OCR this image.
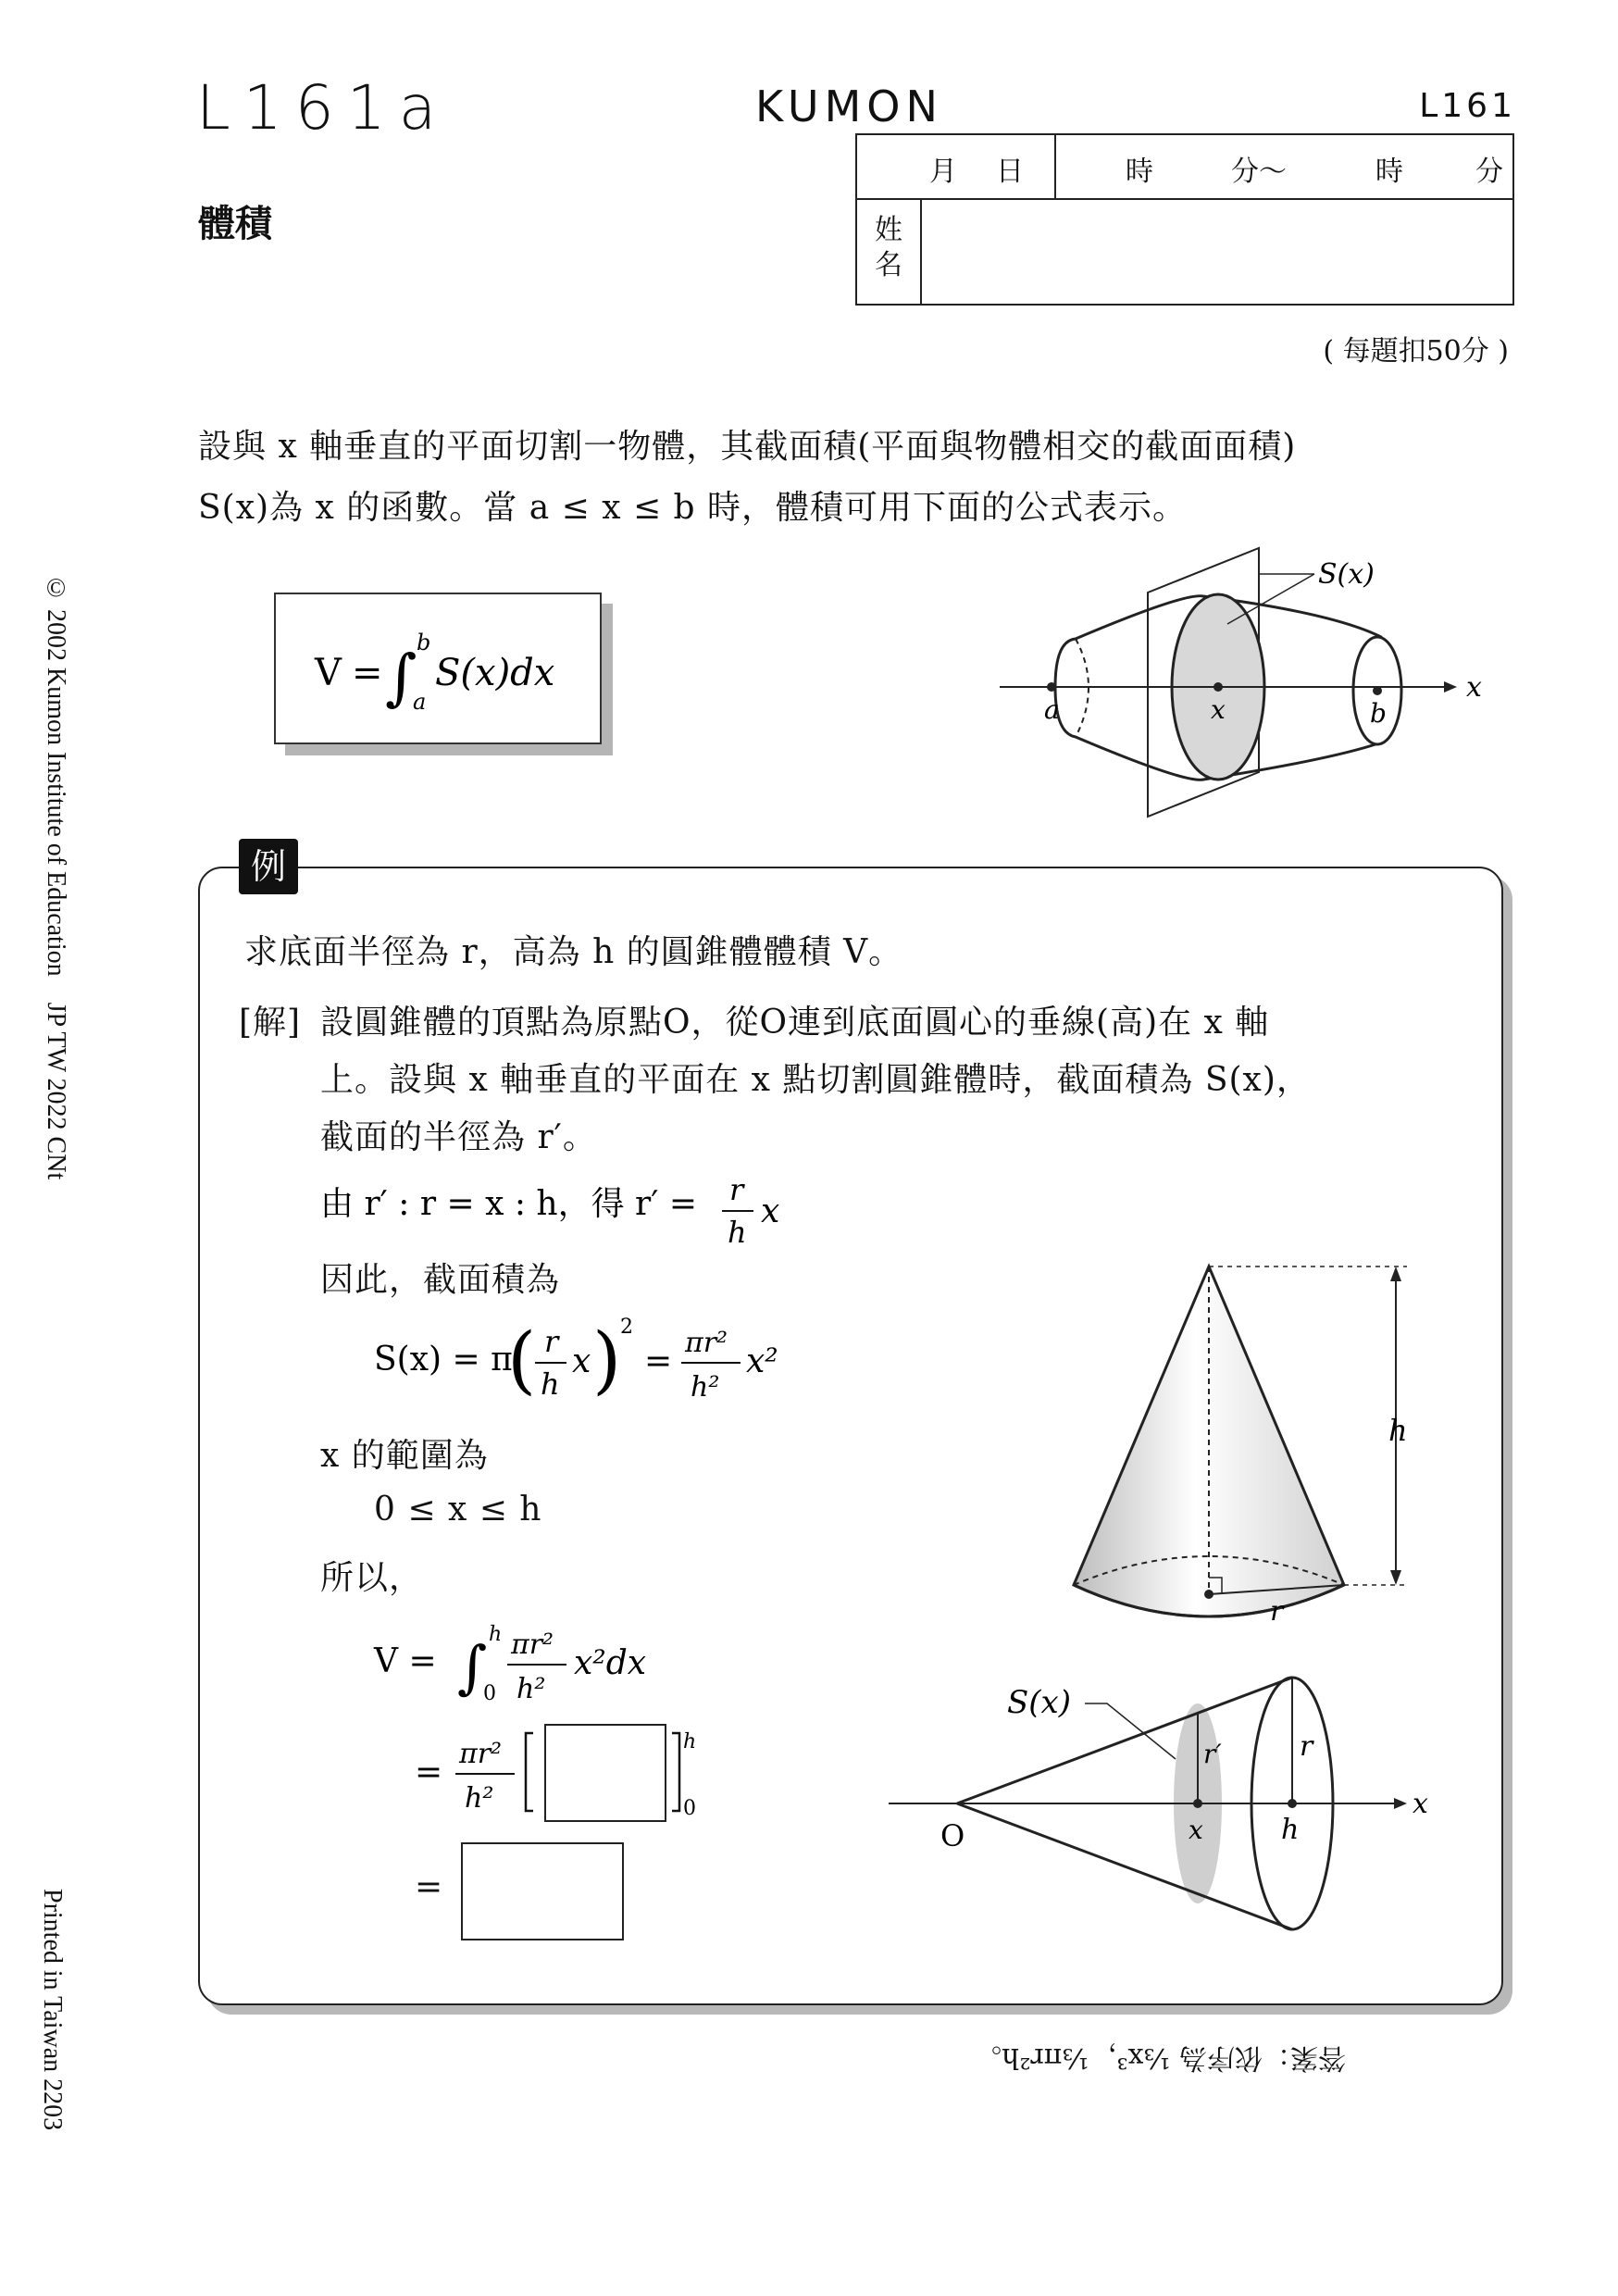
L161a	KUMON	L161
體積
月 日	時	分〜	時	分
姓
名
( 每題扣50分 )
設與 x 軸垂直的平面切割一物體，其截面積(平面與物體相交的截面面積)
S(x)為 x 的函數。當 a ≤ x ≤ b 時，體積可用下面的公式表示。
V = ∫ b
a
S(x)dx
S(x)
a	x	b
x
© 2002 Kumon Institute of Education　JP TW 2022 CNt
Printed in Taiwan 2203
例
求底面半徑為 r，高為 h 的圓錐體體積 V。
[解] 設圓錐體的頂點為原點O，從O連到底面圓心的垂線(高)在 x 軸
上。設與 x 軸垂直的平面在 x 點切割圓錐體時，截面積為 S(x)，
截面的半徑為 r′。
由 r′ : r = x : h，得 r′ = r
h
x
因此，截面積為
S(x) = π
( r
h
x )
2
= πr²
h²
x²
x 的範圍為
0 ≤ x ≤ h
所以，
V = ∫ h
0
πr²
h²
x²dx
= πr²
h²
h
0
=
h
r
S(x)
r′	r
O	x	h
x
答案：依序為 ⅓x³，⅓πr²h。
